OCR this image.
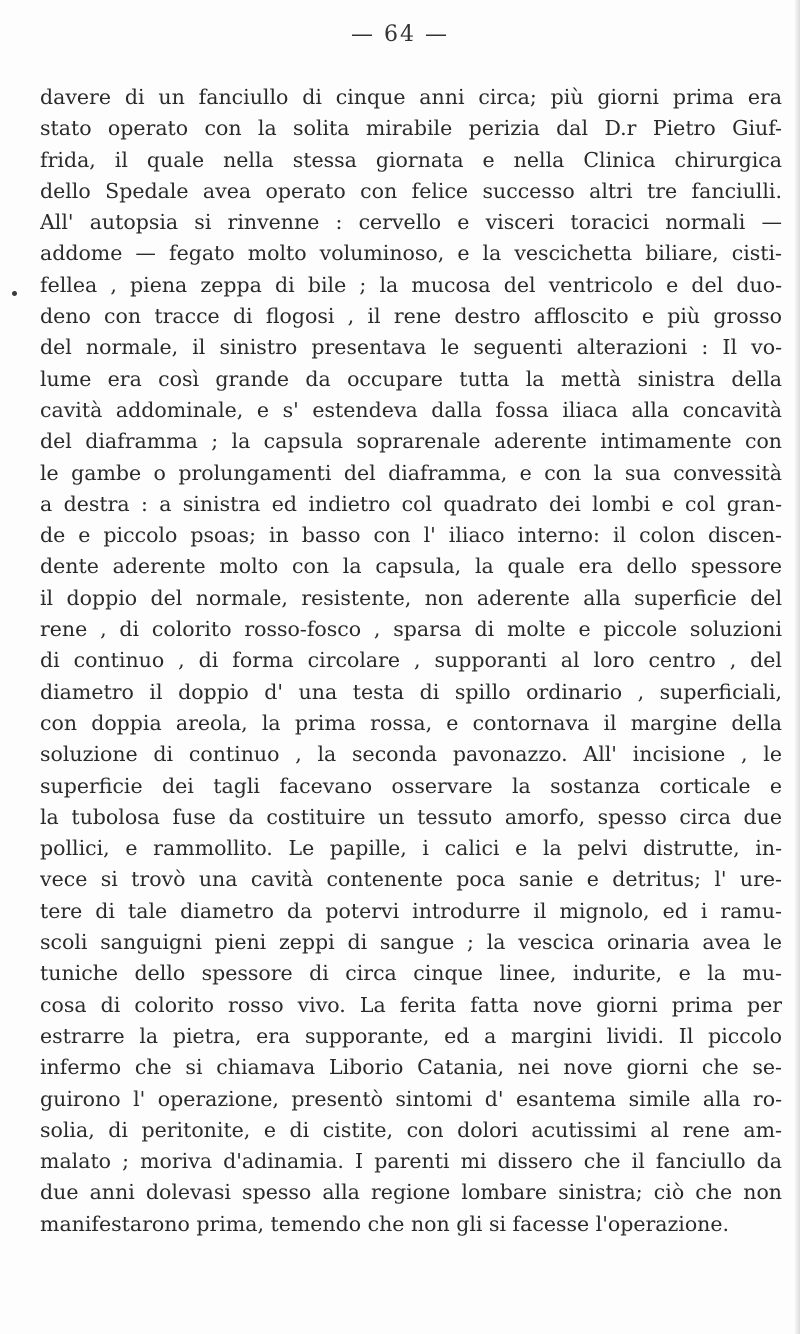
— 64 —
davere di un fanciullo di cinque anni circa; più giorni prima era
stato operato con la solita mirabile perizia dal D.r Pietro Giuf-
frida, il quale nella stessa giornata e nella Clinica chirurgica
dello Spedale avea operato con felice successo altri tre fanciulli.
All' autopsia si rinvenne : cervello e visceri toracici normali —
addome — fegato molto voluminoso, e la vescichetta biliare, cisti-
fellea , piena zeppa di bile ; la mucosa del ventricolo e del duo-
deno con tracce di flogosi , il rene destro affloscito e più grosso
del normale, il sinistro presentava le seguenti alterazioni : Il vo-
lume era così grande da occupare tutta la mettà sinistra della
cavità addominale, e s' estendeva dalla fossa iliaca alla concavità
del diaframma ; la capsula soprarenale aderente intimamente con
le gambe o prolungamenti del diaframma, e con la sua convessità
a destra : a sinistra ed indietro col quadrato dei lombi e col gran-
de e piccolo psoas; in basso con l' iliaco interno: il colon discen-
dente aderente molto con la capsula, la quale era dello spessore
il doppio del normale, resistente, non aderente alla superficie del
rene , di colorito rosso-fosco , sparsa di molte e piccole soluzioni
di continuo , di forma circolare , supporanti al loro centro , del
diametro il doppio d' una testa di spillo ordinario , superficiali,
con doppia areola, la prima rossa, e contornava il margine della
soluzione di continuo , la seconda pavonazzo. All' incisione , le
superficie dei tagli facevano osservare la sostanza corticale e
la tubolosa fuse da costituire un tessuto amorfo, spesso circa due
pollici, e rammollito. Le papille, i calici e la pelvi distrutte, in-
vece si trovò una cavità contenente poca sanie e detritus; l' ure-
tere di tale diametro da potervi introdurre il mignolo, ed i ramu-
scoli sanguigni pieni zeppi di sangue ; la vescica orinaria avea le
tuniche dello spessore di circa cinque linee, indurite, e la mu-
cosa di colorito rosso vivo. La ferita fatta nove giorni prima per
estrarre la pietra, era supporante, ed a margini lividi. Il piccolo
infermo che si chiamava Liborio Catania, nei nove giorni che se-
guirono l' operazione, presentò sintomi d' esantema simile alla ro-
solia, di peritonite, e di cistite, con dolori acutissimi al rene am-
malato ; moriva d'adinamia. I parenti mi dissero che il fanciullo da
due anni dolevasi spesso alla regione lombare sinistra; ciò che non
manifestarono prima, temendo che non gli si facesse l'operazione.
